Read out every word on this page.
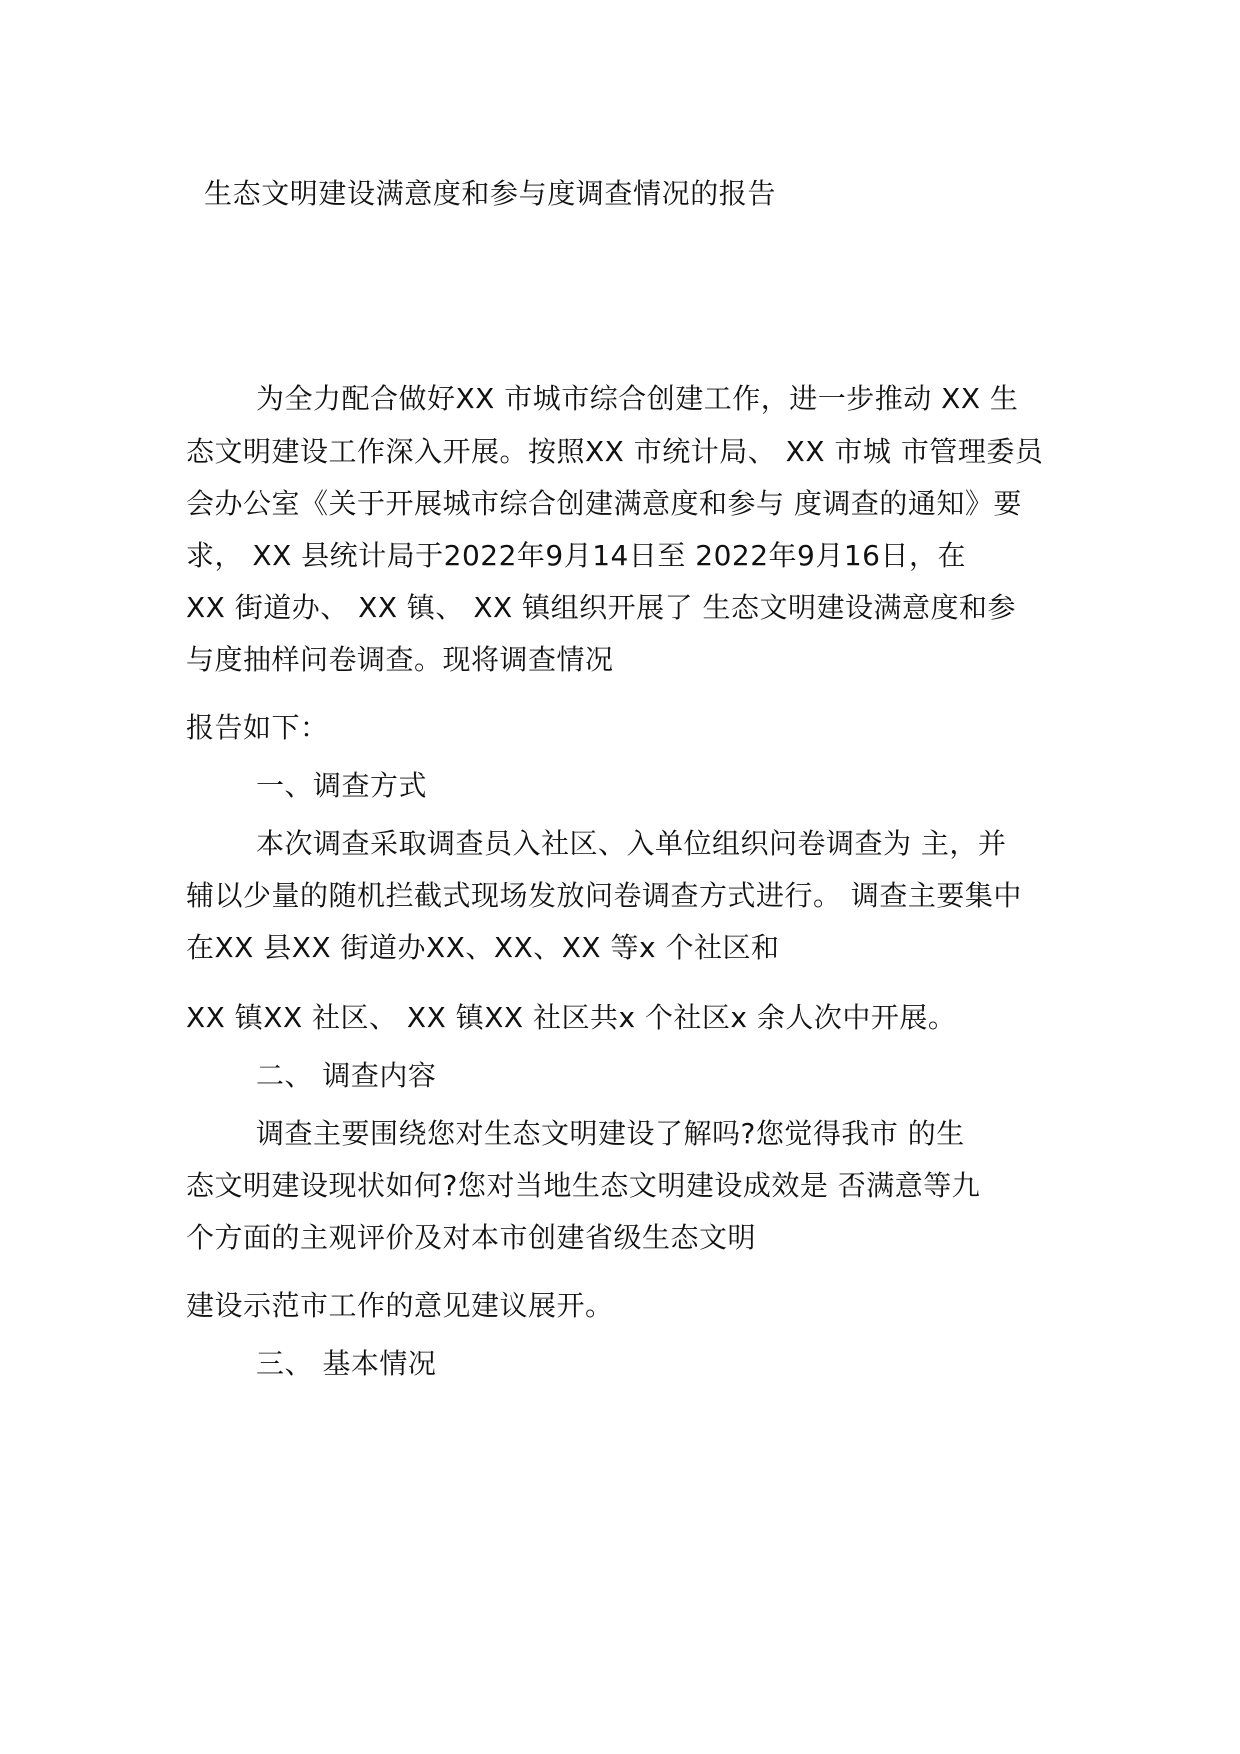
生态文明建设满意度和参与度调查情况的报告
为全力配合做好XX 市城市综合创建工作，进一步推动 XX 生
态文明建设工作深入开展。按照XX 市统计局、 XX 市城 市管理委员
会办公室《关于开展城市综合创建满意度和参与 度调查的通知》要
求， XX 县统计局于2022年9月14日至 2022年9月16日，在
XX 街道办、 XX 镇、 XX 镇组织开展了 生态文明建设满意度和参
与度抽样问卷调查。现将调查情况
报告如下：
一、调查方式
本次调查采取调查员入社区、入单位组织问卷调查为 主，并
辅以少量的随机拦截式现场发放问卷调查方式进行。 调查主要集中
在XX 县XX 街道办XX、XX、XX 等x 个社区和
XX 镇XX 社区、 XX 镇XX 社区共x 个社区x 余人次中开展。
二、 调查内容
调查主要围绕您对生态文明建设了解吗?您觉得我市 的生
态文明建设现状如何?您对当地生态文明建设成效是 否满意等九
个方面的主观评价及对本市创建省级生态文明
建设示范市工作的意见建议展开。
三、 基本情况
